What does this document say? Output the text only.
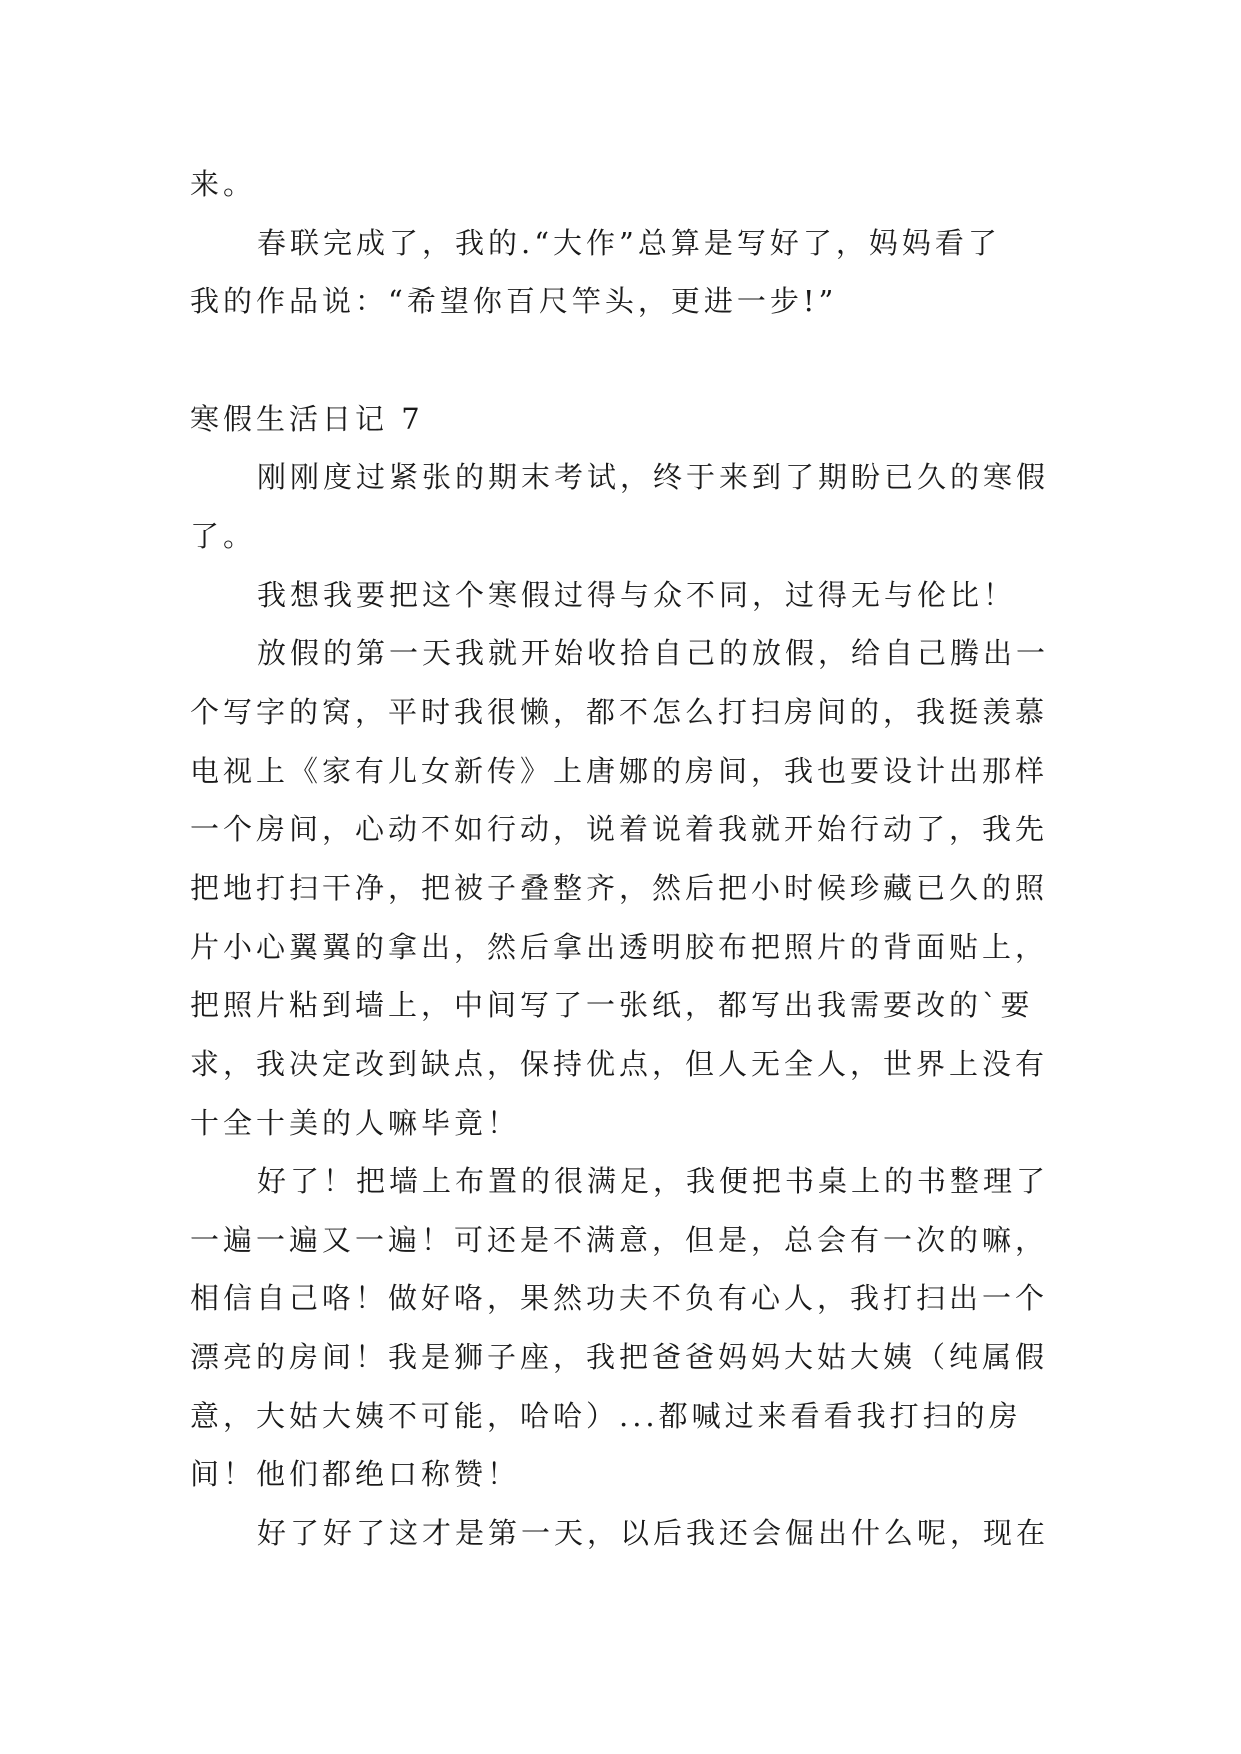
来。
春联完成了，我的.“大作”总算是写好了，妈妈看了
我的作品说：“希望你百尺竿头，更进一步!”
寒假生活日记 7
刚刚度过紧张的期末考试，终于来到了期盼已久的寒假
了。
我想我要把这个寒假过得与众不同，过得无与伦比！
放假的第一天我就开始收拾自己的放假，给自己腾出一
个写字的窝，平时我很懒，都不怎么打扫房间的，我挺羡慕
电视上《家有儿女新传》上唐娜的房间，我也要设计出那样
一个房间，心动不如行动，说着说着我就开始行动了，我先
把地打扫干净，把被子叠整齐，然后把小时候珍藏已久的照
片小心翼翼的拿出，然后拿出透明胶布把照片的背面贴上，
把照片粘到墙上，中间写了一张纸，都写出我需要改的`要
求，我决定改到缺点，保持优点，但人无全人，世界上没有
十全十美的人嘛毕竟！
好了！把墙上布置的很满足，我便把书桌上的书整理了
一遍一遍又一遍！可还是不满意，但是，总会有一次的嘛，
相信自己咯！做好咯，果然功夫不负有心人，我打扫出一个
漂亮的房间！我是狮子座，我把爸爸妈妈大姑大姨（纯属假
意，大姑大姨不可能，哈哈）...都喊过来看看我打扫的房
间！他们都绝口称赞！
好了好了这才是第一天，以后我还会倔出什么呢，现在
